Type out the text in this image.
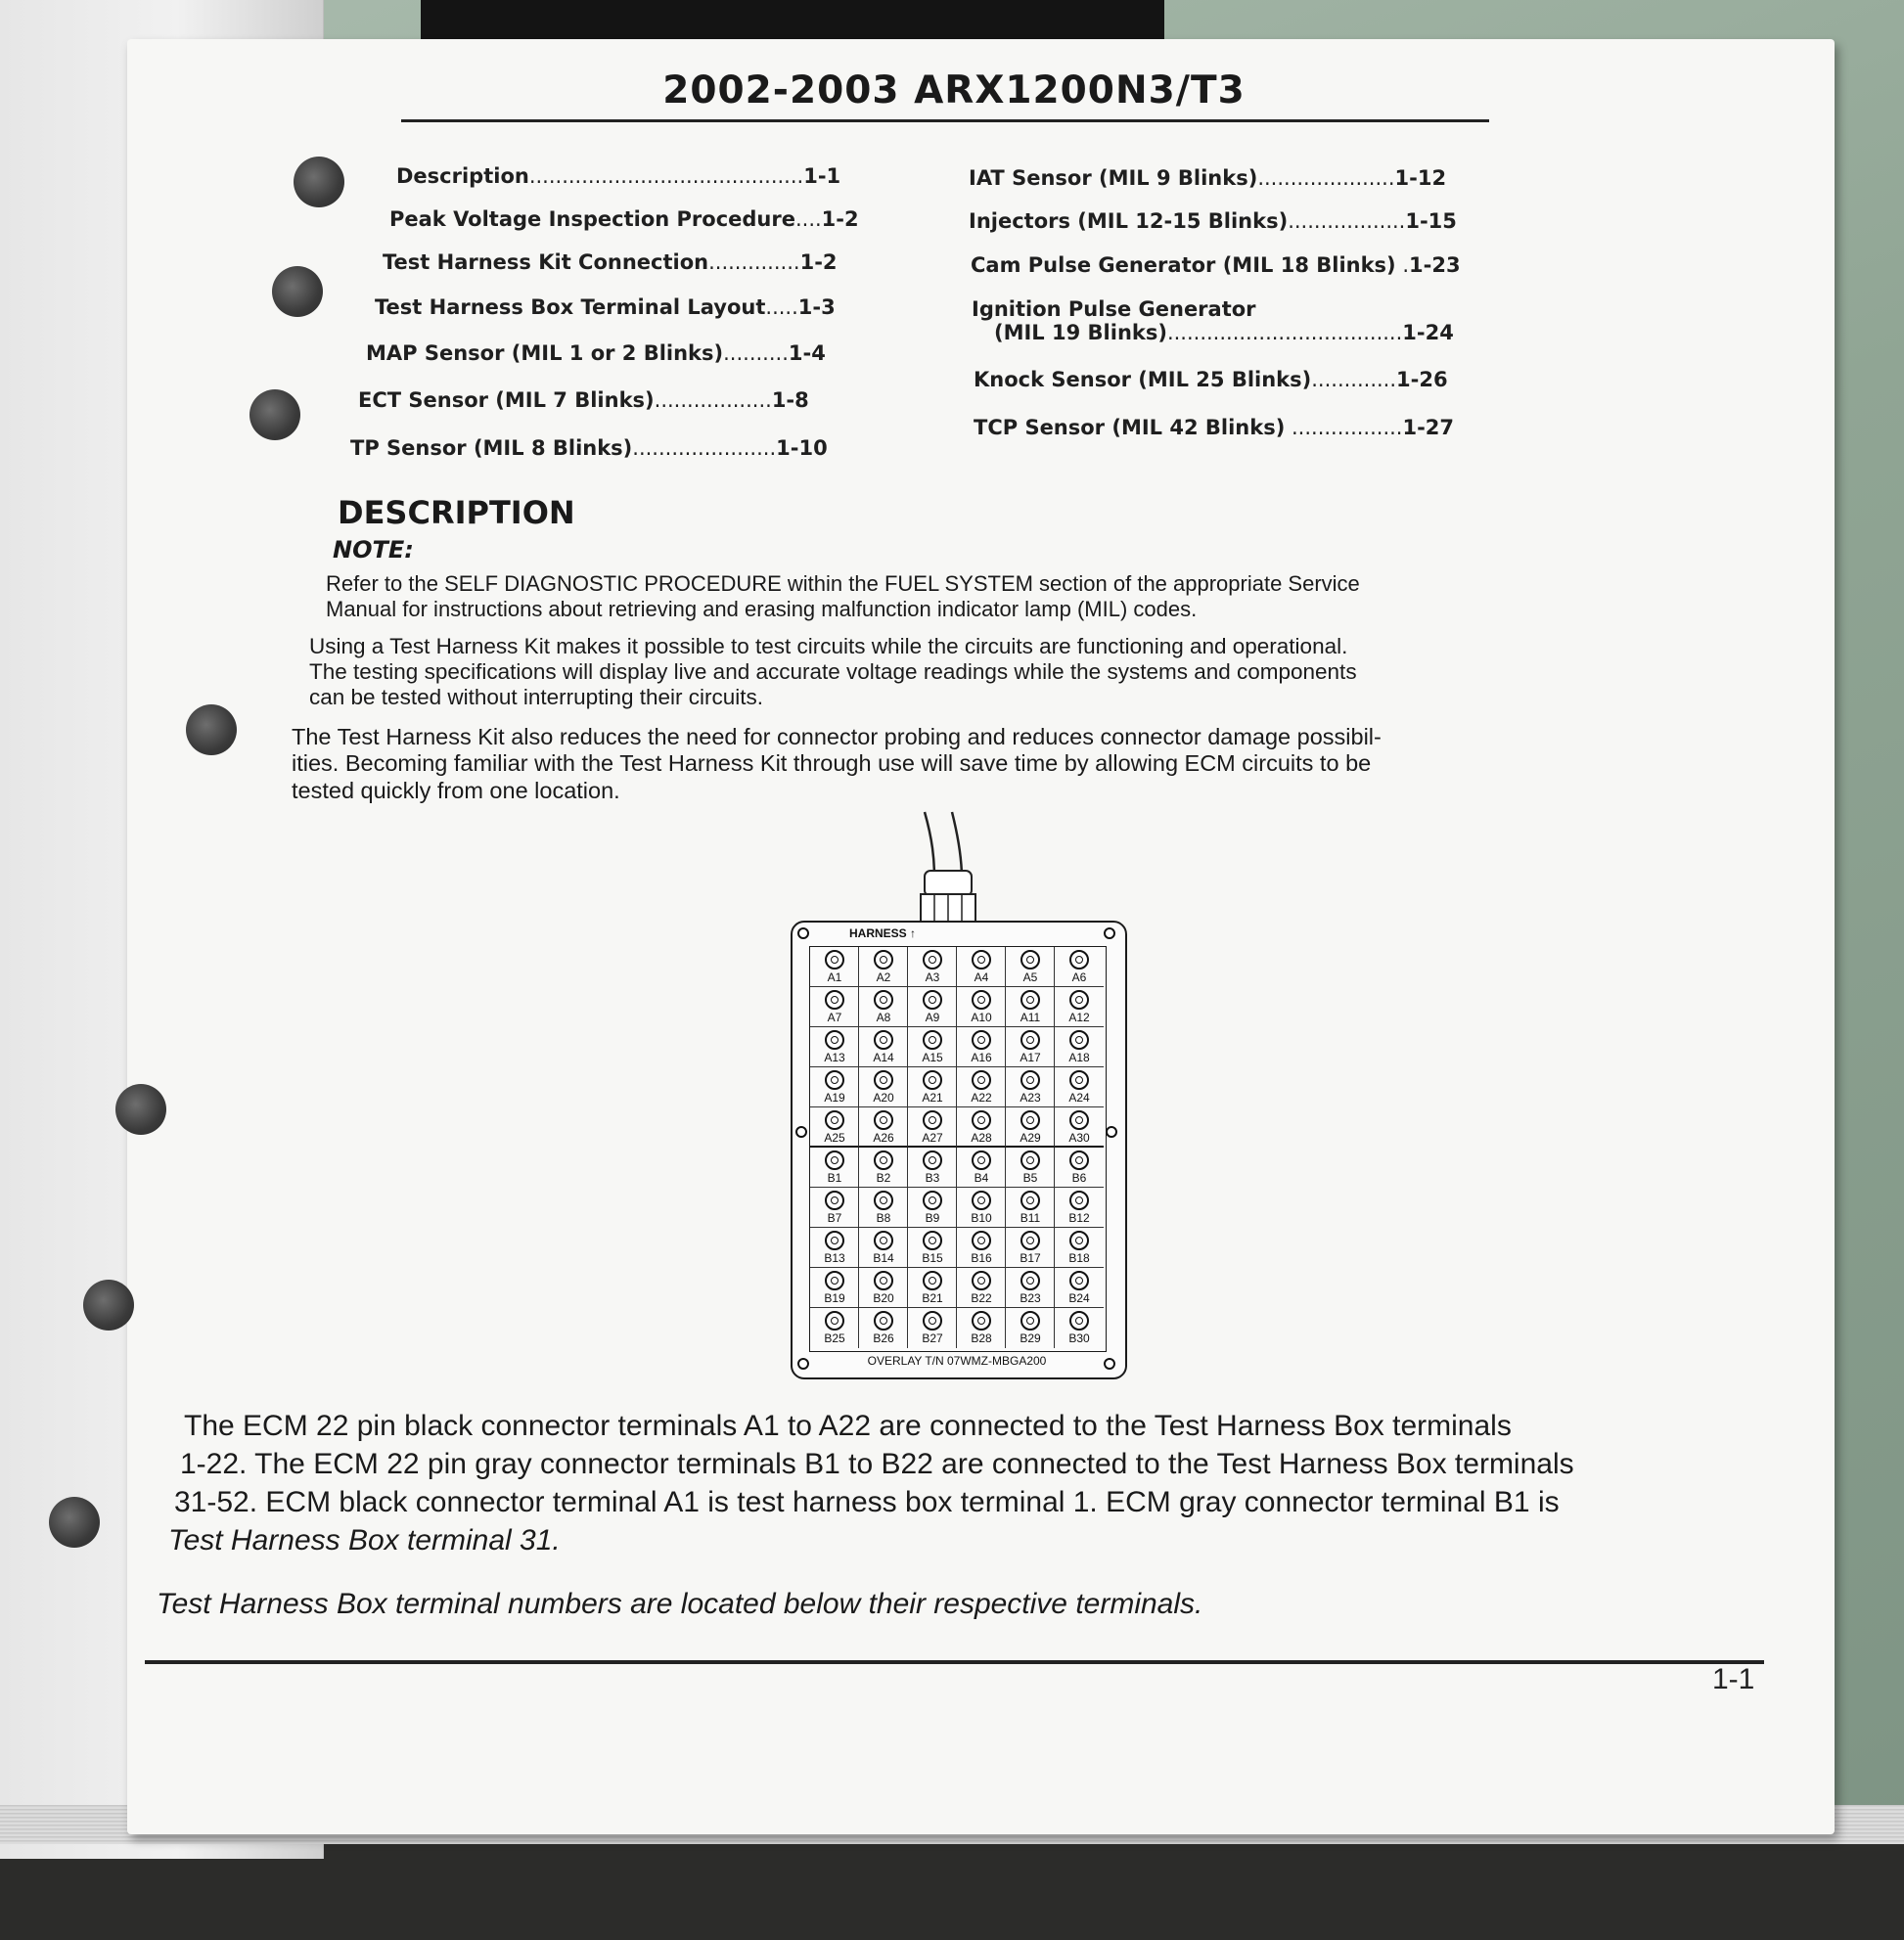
2002-2003 ARX1200N3/T3
Description..........................................1-1
Peak Voltage Inspection Procedure....1-2
Test Harness Kit Connection..............1-2
Test Harness Box Terminal Layout.....1-3
MAP Sensor (MIL 1 or 2 Blinks)..........1-4
ECT Sensor (MIL 7 Blinks)..................1-8
TP Sensor (MIL 8 Blinks)......................1-10
IAT Sensor (MIL 9 Blinks).....................1-12
Injectors (MIL 12-15 Blinks)..................1-15
Cam Pulse Generator (MIL 18 Blinks) .1-23
Ignition Pulse Generator
(MIL 19 Blinks)....................................1-24
Knock Sensor (MIL 25 Blinks).............1-26
TCP Sensor (MIL 42 Blinks) .................1-27
DESCRIPTION
NOTE:
Refer to the SELF DIAGNOSTIC PROCEDURE within the FUEL SYSTEM section of the appropriate Service
Manual for instructions about retrieving and erasing malfunction indicator lamp (MIL) codes.
Using a Test Harness Kit makes it possible to test circuits while the circuits are functioning and operational.
The testing specifications will display live and accurate voltage readings while the systems and components
can be tested without interrupting their circuits.
The Test Harness Kit also reduces the need for connector probing and reduces connector damage possibil-
ities. Becoming familiar with the Test Harness Kit through use will save time by allowing ECM circuits to be
tested quickly from one location.
HARNESS ↑
A1	A2	A3	A4	A5	A6
A7	A8	A9	A10	A11	A12
A13	A14	A15	A16	A17	A18
A19	A20	A21	A22	A23	A24
A25	A26	A27	A28	A29	A30
B1	B2	B3	B4	B5	B6
B7	B8	B9	B10	B11	B12
B13	B14	B15	B16	B17	B18
B19	B20	B21	B22	B23	B24
B25	B26	B27	B28	B29	B30
OVERLAY T/N 07WMZ-MBGA200
The ECM 22 pin black connector terminals A1 to A22 are connected to the Test Harness Box terminals
1-22. The ECM 22 pin gray connector terminals B1 to B22 are connected to the Test Harness Box terminals
31-52. ECM black connector terminal A1 is test harness box terminal 1. ECM gray connector terminal B1 is
Test Harness Box terminal 31.
Test Harness Box terminal numbers are located below their respective terminals.
1-1
